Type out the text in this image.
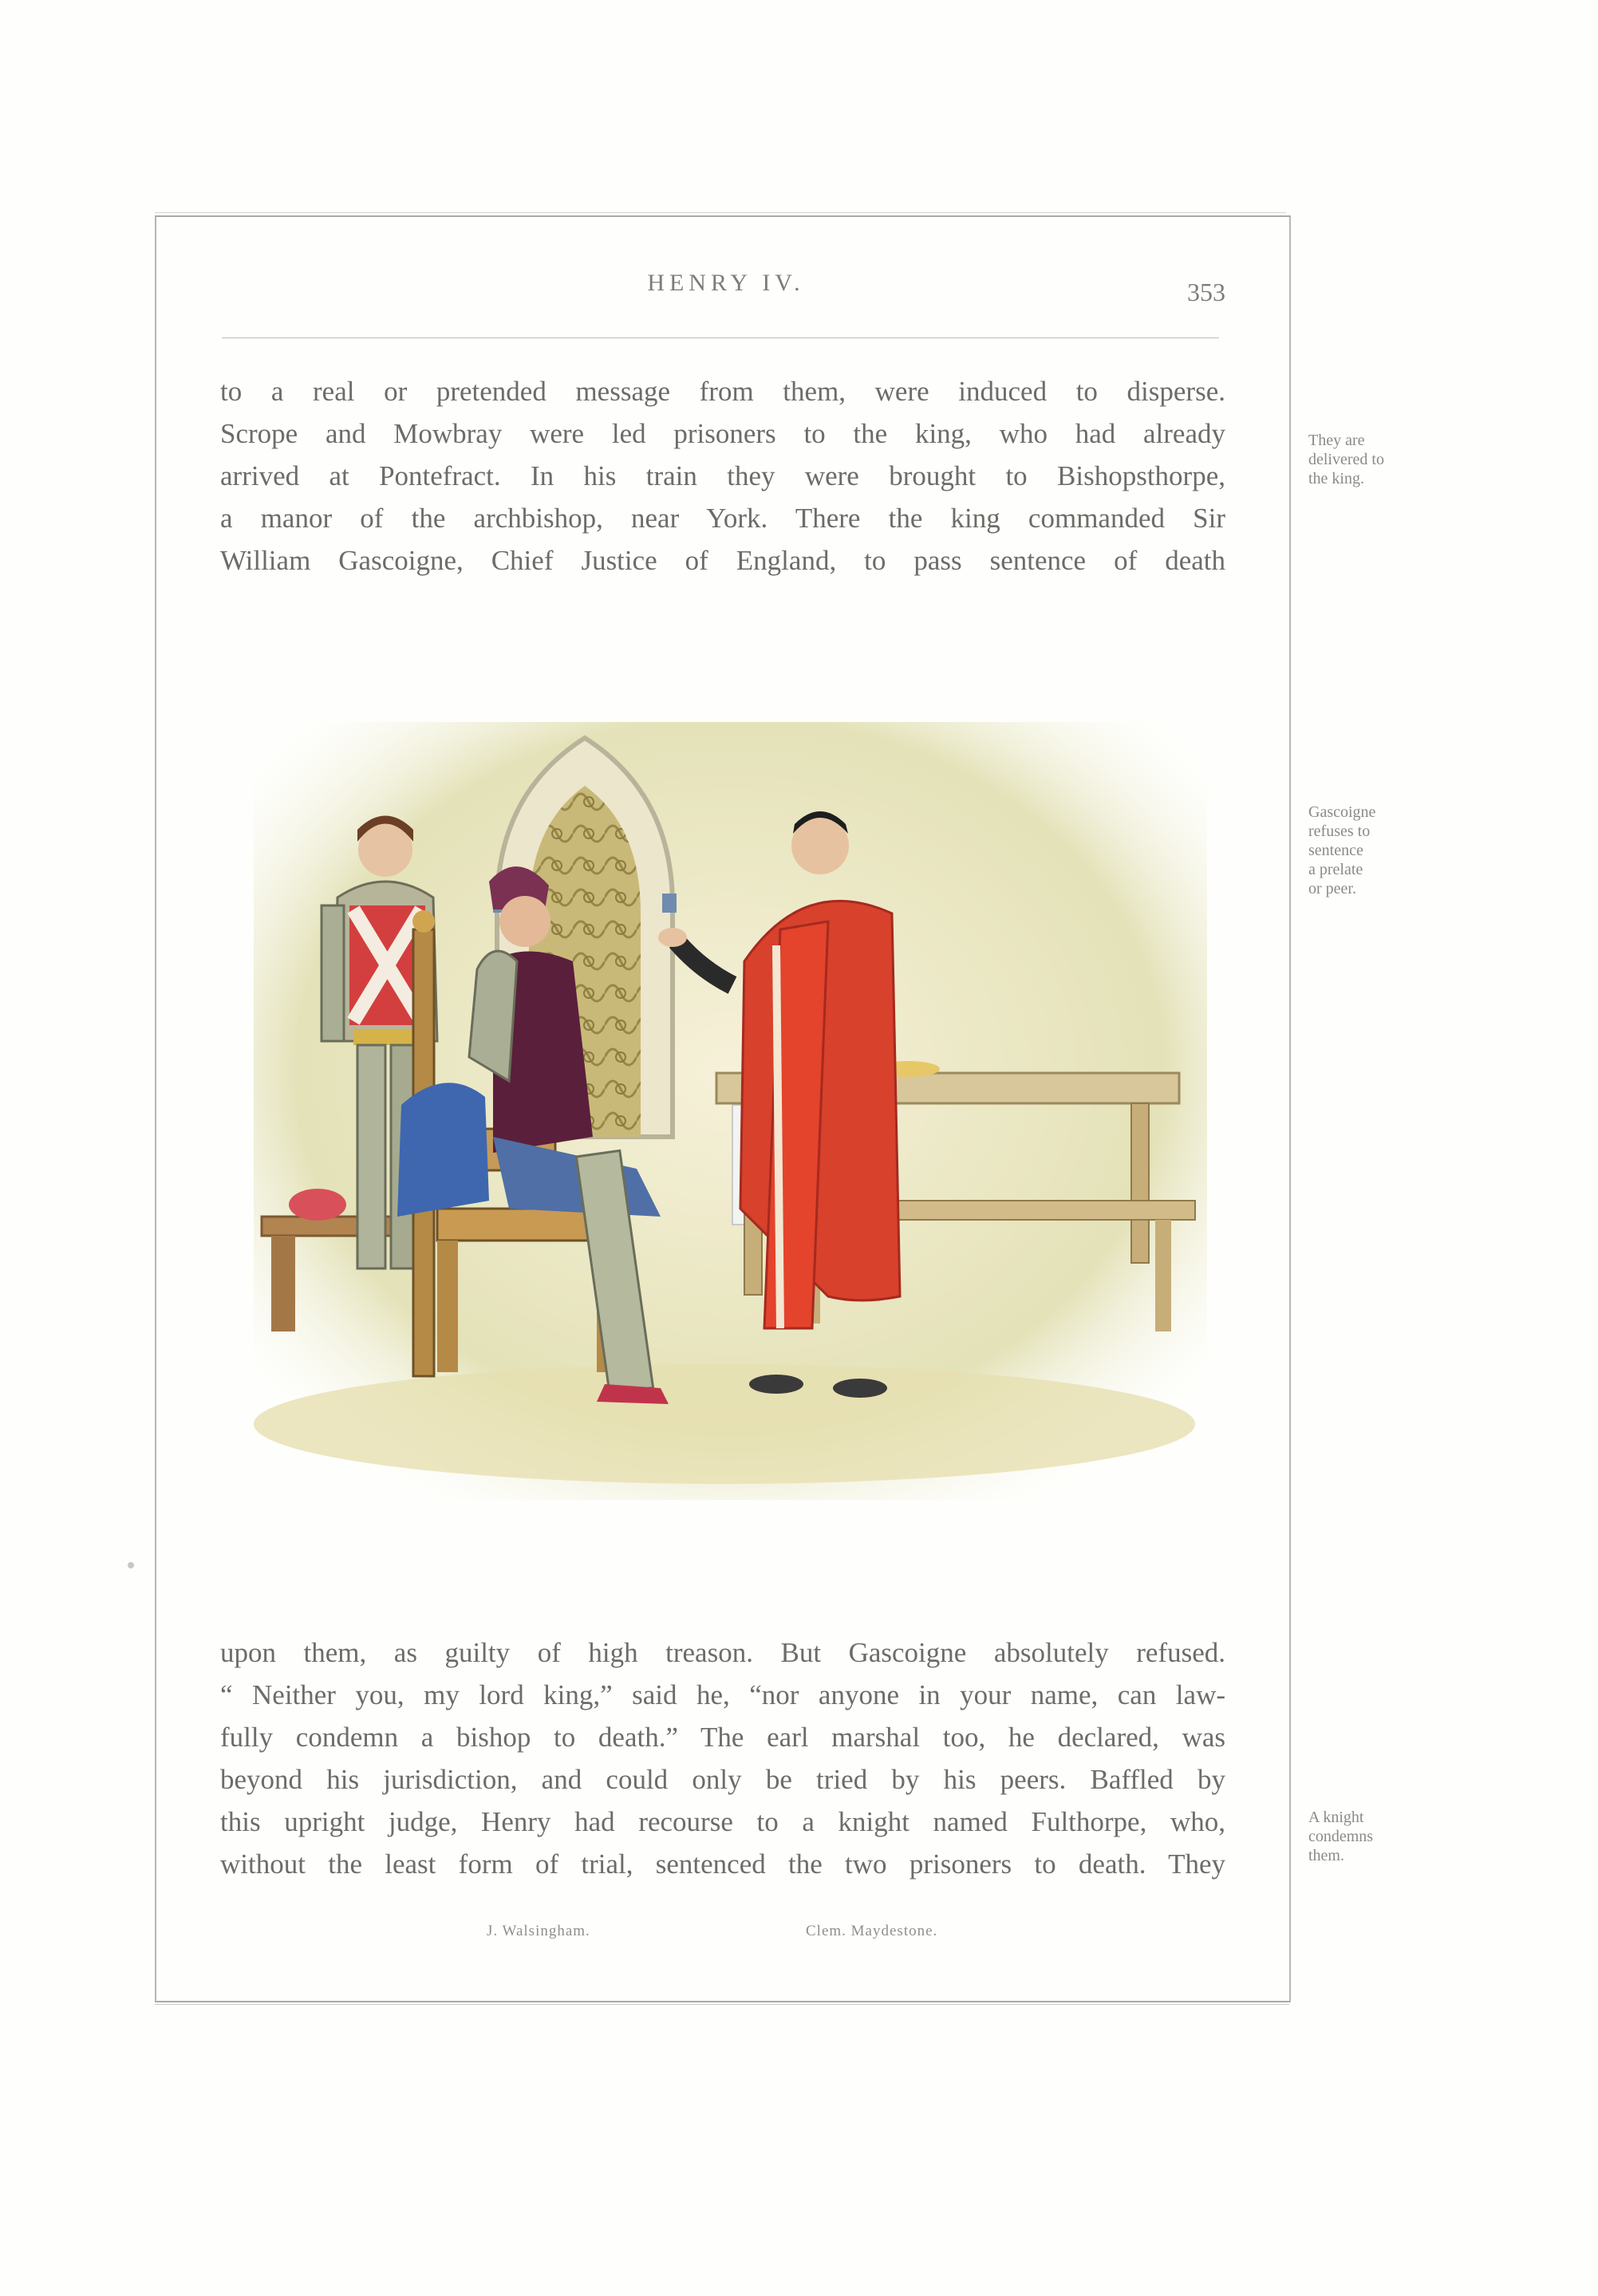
HENRY IV.	353
to a real or pretended message from them, were induced to disperse.
Scrope and Mowbray were led prisoners to the king, who had already
arrived at Pontefract. In his train they were brought to Bishopsthorpe,
a manor of the archbishop, near York. There the king commanded Sir
William Gascoigne, Chief Justice of England, to pass sentence of death
They are
delivered to
the king.
Gascoigne
refuses to
sentence
a prelate
or peer.
A knight
condemns
them.
upon them, as guilty of high treason. But Gascoigne absolutely refused.
“ Neither you, my lord king,” said he, “nor anyone in your name, can law-
fully condemn a bishop to death.” The earl marshal too, he declared, was
beyond his jurisdiction, and could only be tried by his peers. Baffled by
this upright judge, Henry had recourse to a knight named Fulthorpe, who,
without the least form of trial, sentenced the two prisoners to death. They
J. Walsingham.	Clem. Maydestone.
